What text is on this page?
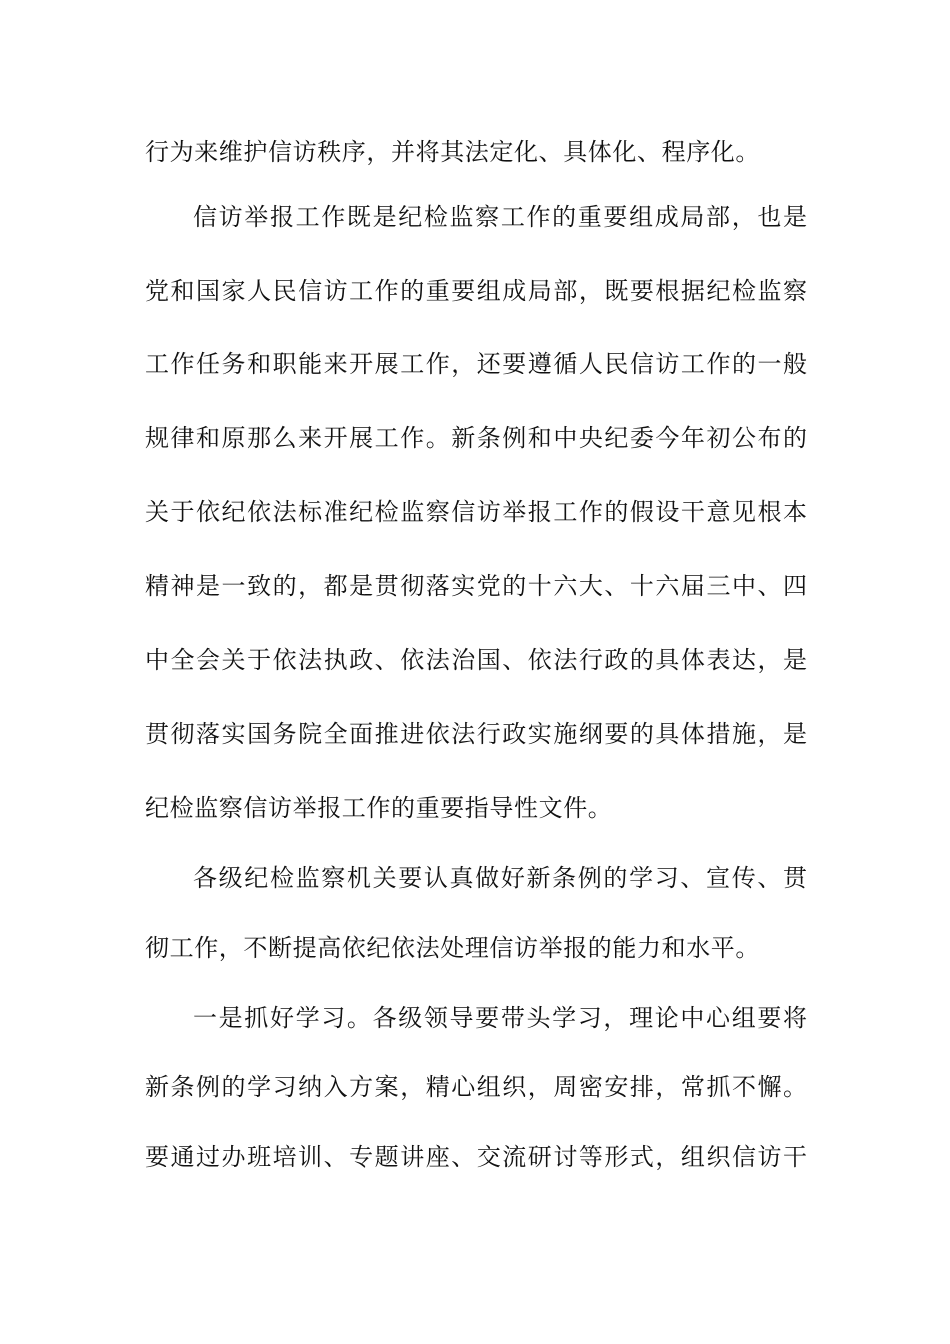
行为来维护信访秩序，并将其法定化、具体化、程序化。
信访举报工作既是纪检监察工作的重要组成局部，也是
党和国家人民信访工作的重要组成局部，既要根据纪检监察
工作任务和职能来开展工作，还要遵循人民信访工作的一般
规律和原那么来开展工作。新条例和中央纪委今年初公布的
关于依纪依法标准纪检监察信访举报工作的假设干意见根本
精神是一致的，都是贯彻落实党的十六大、十六届三中、四
中全会关于依法执政、依法治国、依法行政的具体表达，是
贯彻落实国务院全面推进依法行政实施纲要的具体措施，是
纪检监察信访举报工作的重要指导性文件。
各级纪检监察机关要认真做好新条例的学习、宣传、贯
彻工作，不断提高依纪依法处理信访举报的能力和水平。
一是抓好学习。各级领导要带头学习，理论中心组要将
新条例的学习纳入方案，精心组织，周密安排，常抓不懈。
要通过办班培训、专题讲座、交流研讨等形式，组织信访干
